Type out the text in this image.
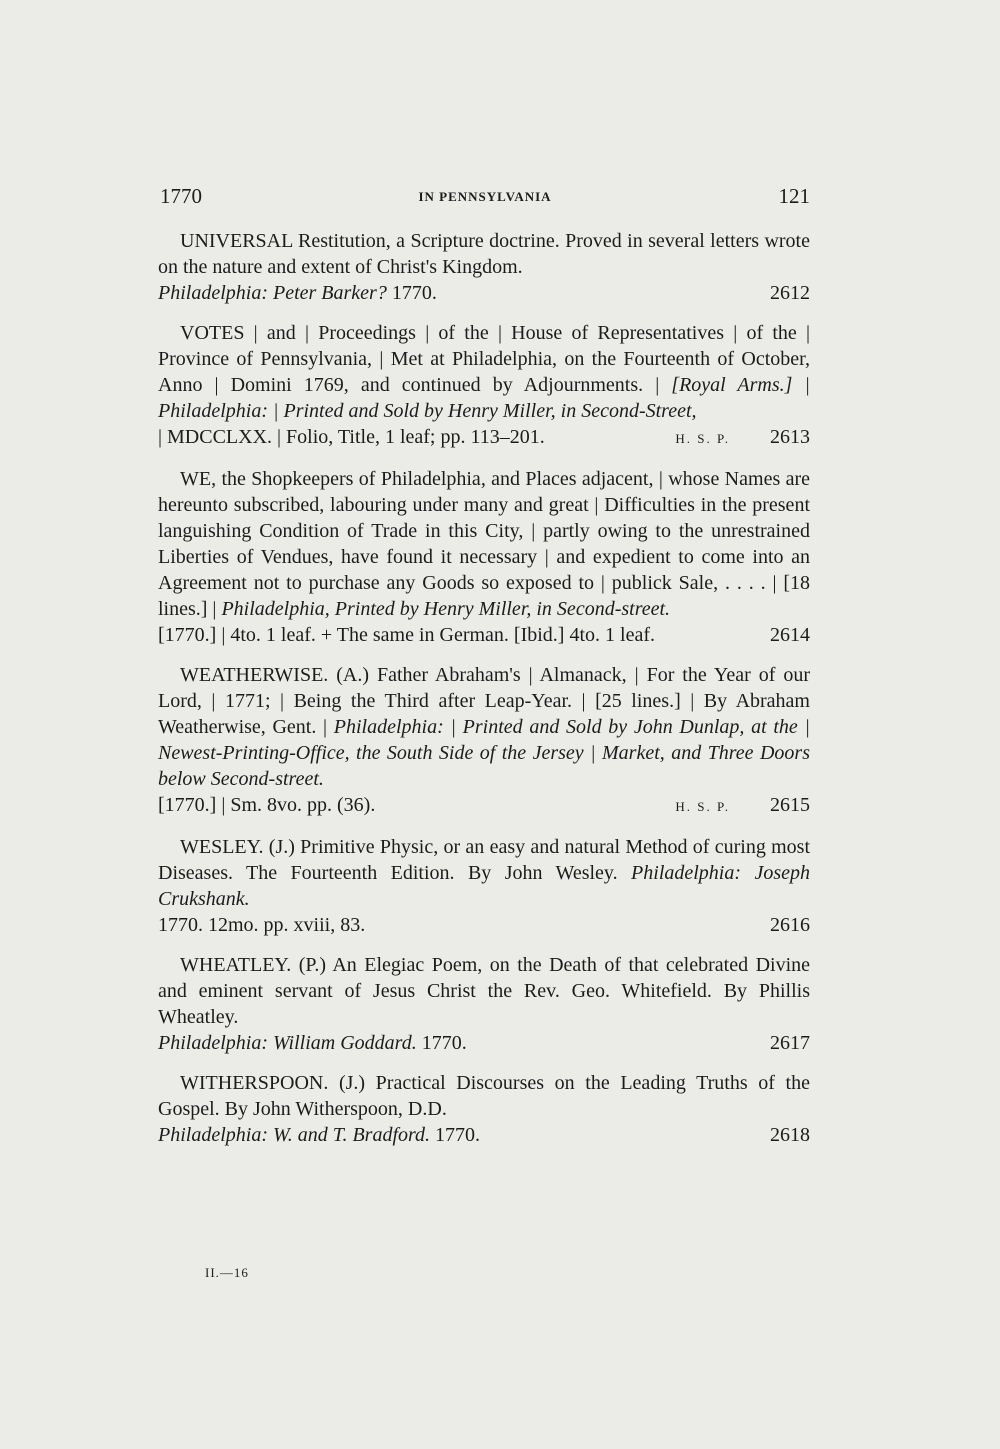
1770	IN PENNSYLVANIA	121
UNIVERSAL Restitution, a Scripture doctrine. Proved in several letters wrote on the nature and extent of Christ's Kingdom.
Philadelphia: Peter Barker? 1770.	2612
VOTES | and | Proceedings | of the | House of Representatives | of the | Province of Pennsylvania, | Met at Philadelphia, on the Fourteenth of October, Anno | Domini 1769, and continued by Adjournments. | [Royal Arms.] | Philadelphia: | Printed and Sold by Henry Miller, in Second-Street,
| MDCCLXX. | Folio, Title, 1 leaf; pp. 113–201.	H. S. P. 2613
WE, the Shopkeepers of Philadelphia, and Places adjacent, | whose Names are hereunto subscribed, labouring under many and great | Difficulties in the present languishing Condition of Trade in this City, | partly owing to the unrestrained Liberties of Vendues, have found it necessary | and expedient to come into an Agreement not to purchase any Goods so exposed to | publick Sale, . . . . | [18 lines.] | Philadelphia, Printed by Henry Miller, in Second-street.
[1770.] | 4to. 1 leaf. + The same in German. [Ibid.] 4to. 1 leaf.	2614
WEATHERWISE. (A.) Father Abraham's | Almanack, | For the Year of our Lord, | 1771; | Being the Third after Leap-Year. | [25 lines.] | By Abraham Weatherwise, Gent. | Philadelphia: | Printed and Sold by John Dunlap, at the | Newest-Printing-Office, the South Side of the Jersey | Market, and Three Doors below Second-street.
[1770.] | Sm. 8vo. pp. (36).	H. S. P. 2615
WESLEY. (J.) Primitive Physic, or an easy and natural Method of curing most Diseases. The Fourteenth Edition. By John Wesley. Philadelphia: Joseph Crukshank.
1770. 12mo. pp. xviii, 83.	2616
WHEATLEY. (P.) An Elegiac Poem, on the Death of that celebrated Divine and eminent servant of Jesus Christ the Rev. Geo. Whitefield. By Phillis Wheatley.
Philadelphia: William Goddard. 1770.	2617
WITHERSPOON. (J.) Practical Discourses on the Leading Truths of the Gospel. By John Witherspoon, D.D.
Philadelphia: W. and T. Bradford. 1770.	2618
II.—16
